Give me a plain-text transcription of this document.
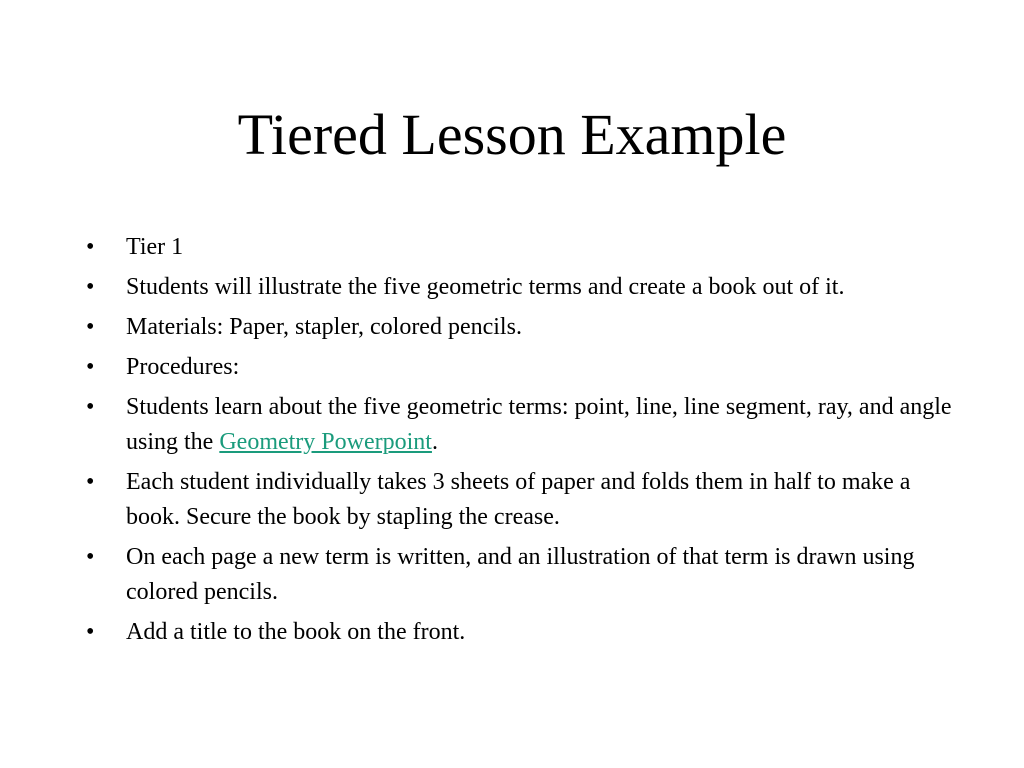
Tiered Lesson Example
•	Tier 1
•	Students will illustrate the five geometric terms and create a book out of it.
•	Materials: Paper, stapler, colored pencils.
•	Procedures:
•	Students learn about the five geometric terms: point, line, line segment, ray, and angle using the Geometry Powerpoint.
•	Each student individually takes 3 sheets of paper and folds them in half to make a book. Secure the book by stapling the crease.
•	On each page a new term is written, and an illustration of that term is drawn using colored pencils.
•	Add a title to the book on the front.
